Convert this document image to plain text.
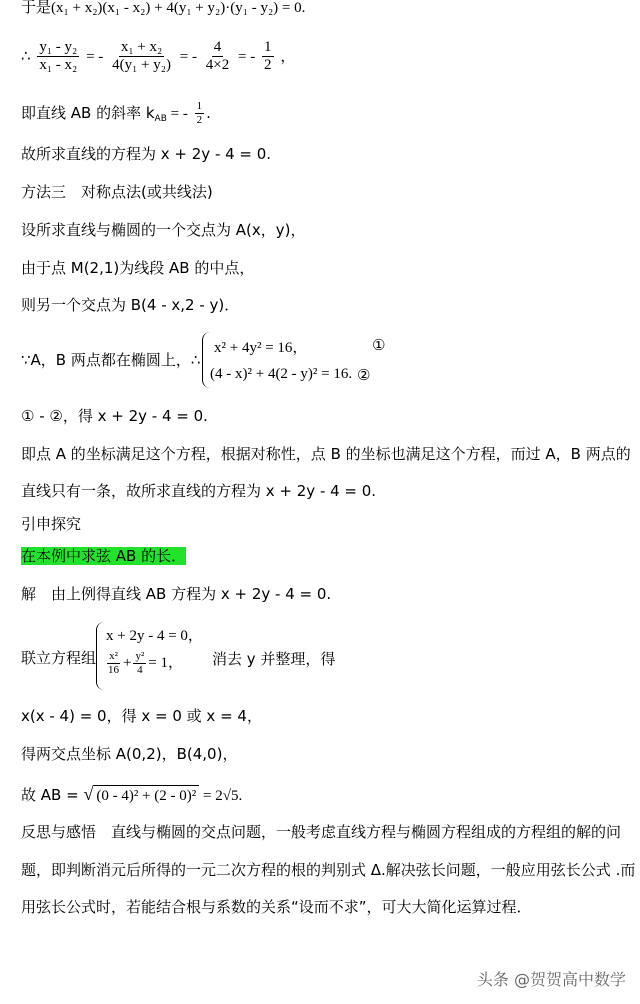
于是(x₁ + x₂)(x₁ - x₂) + 4(y₁ + y₂)·(y₁ - y₂) = 0.
∴ $\frac{\text{y₁ - y₂}}{\text{x₁ - x₂}}$ = - $\frac{\text{x₁ + x₂}}{\text{4(y₁ + y₂)}}$ = - $\frac{4}{4\times 2}$ = - $\frac{1}{2}$ ，
即直线 AB 的斜率 $k_{AB}$ = - $\frac{1}{2}$ .
故所求直线的方程为 x + 2y - 4 = 0.
方法三　对称点法(或共线法)
设所求直线与椭圆的一个交点为 A(x，y)，
由于点 M(2,1)为线段 AB 的中点，
则另一个交点为 B(4 - x,2 - y)．
∵A，B 两点都在椭圆上，∴
x² + 4y² = 16，	①
(4 - x)² + 4(2 - y)² = 16. ②
① - ②，得 x + 2y - 4 = 0.
即点 A 的坐标满足这个方程，根据对称性，点 B 的坐标也满足这个方程，而过 A，B 两点的
直线只有一条，故所求直线的方程为 x + 2y - 4 = 0.
引申探究
在本例中求弦 AB 的长．
解　由上例得直线 AB 方程为 x + 2y - 4 = 0.
联立方程组
x + 2y - 4 = 0，
$\frac{\text{x²}}{16} + \frac{\text{y²}}{4} = 1$， 消去 y 并整理，得
x(x - 4) = 0，得 x = 0 或 x = 4，
得两交点坐标 A(0,2)，B(4,0)，
故 AB = √ (0 - 4)² + (2 - 0)² = 2√5.
反思与感悟　直线与椭圆的交点问题，一般考虑直线方程与椭圆方程组成的方程组的解的问
题，即判断消元后所得的一元二次方程的根的判别式 Δ.解决弦长问题，一般应用弦长公式 .而
用弦长公式时，若能结合根与系数的关系“设而不求”，可大大简化运算过程．
头条 @贺贺高中数学
